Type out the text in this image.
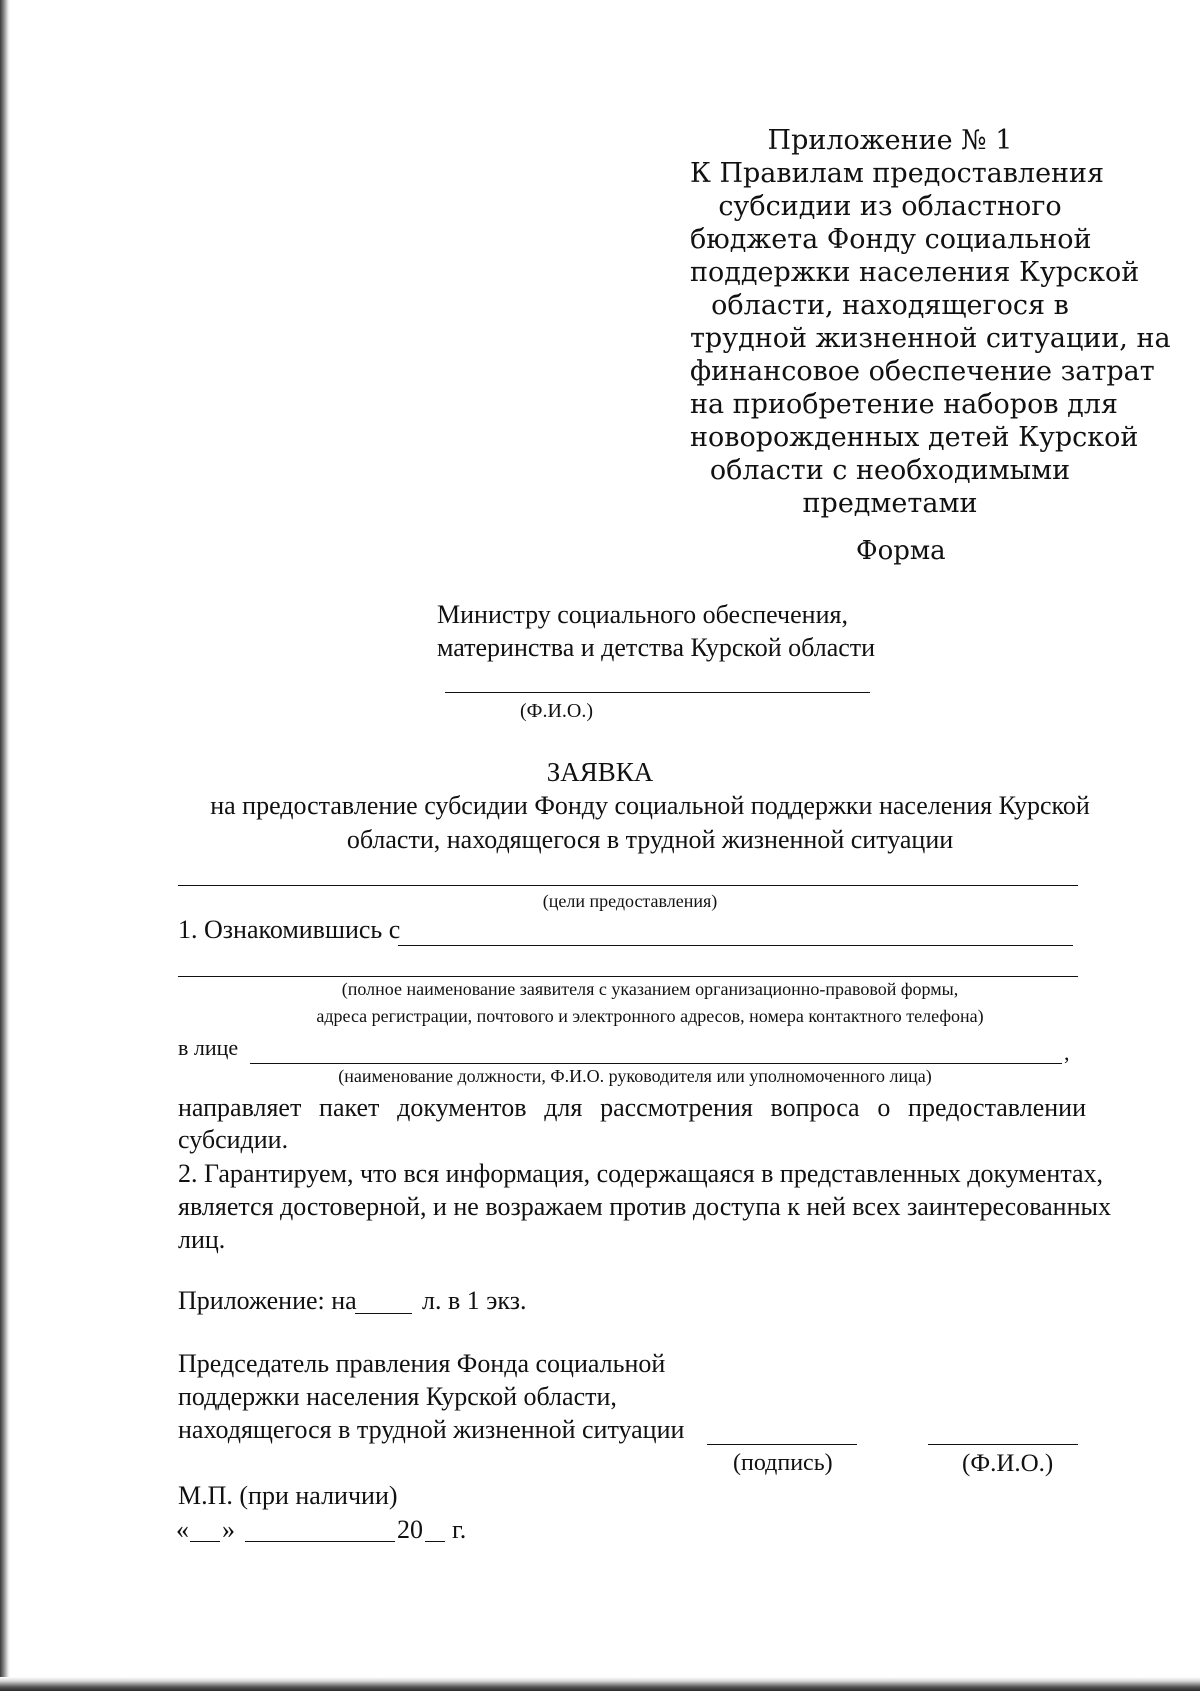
Приложение № 1
К Правилам предоставления
субсидии из областного
бюджета Фонду социальной
поддержки населения Курской
области, находящегося в
трудной жизненной ситуации, на
финансовое обеспечение затрат
на приобретение наборов для
новорожденных детей Курской
области с необходимыми
предметами
Форма
Министру социального обеспечения,
материнства и детства Курской области
(Ф.И.О.)
ЗАЯВКА
на предоставление субсидии Фонду социальной поддержки населения Курской
области, находящегося в трудной жизненной ситуации
(цели предоставления)
1. Ознакомившись с
(полное наименование заявителя с указанием организационно-правовой формы,
адреса регистрации, почтового и электронного адресов, номера контактного телефона)
в лице	,
(наименование должности, Ф.И.О. руководителя или уполномоченного лица)
направляет пакет документов для рассмотрения вопроса о предоставлении
субсидии.
2. Гарантируем, что вся информация, содержащаяся в представленных документах,
является достоверной, и не возражаем против доступа к ней всех заинтересованных
лиц.
Приложение: на	л. в 1 экз.
Председатель правления Фонда социальной
поддержки населения Курской области,
находящегося в трудной жизненной ситуации
(подпись)	(Ф.И.О.)
М.П. (при наличии)
« »	20 г.
